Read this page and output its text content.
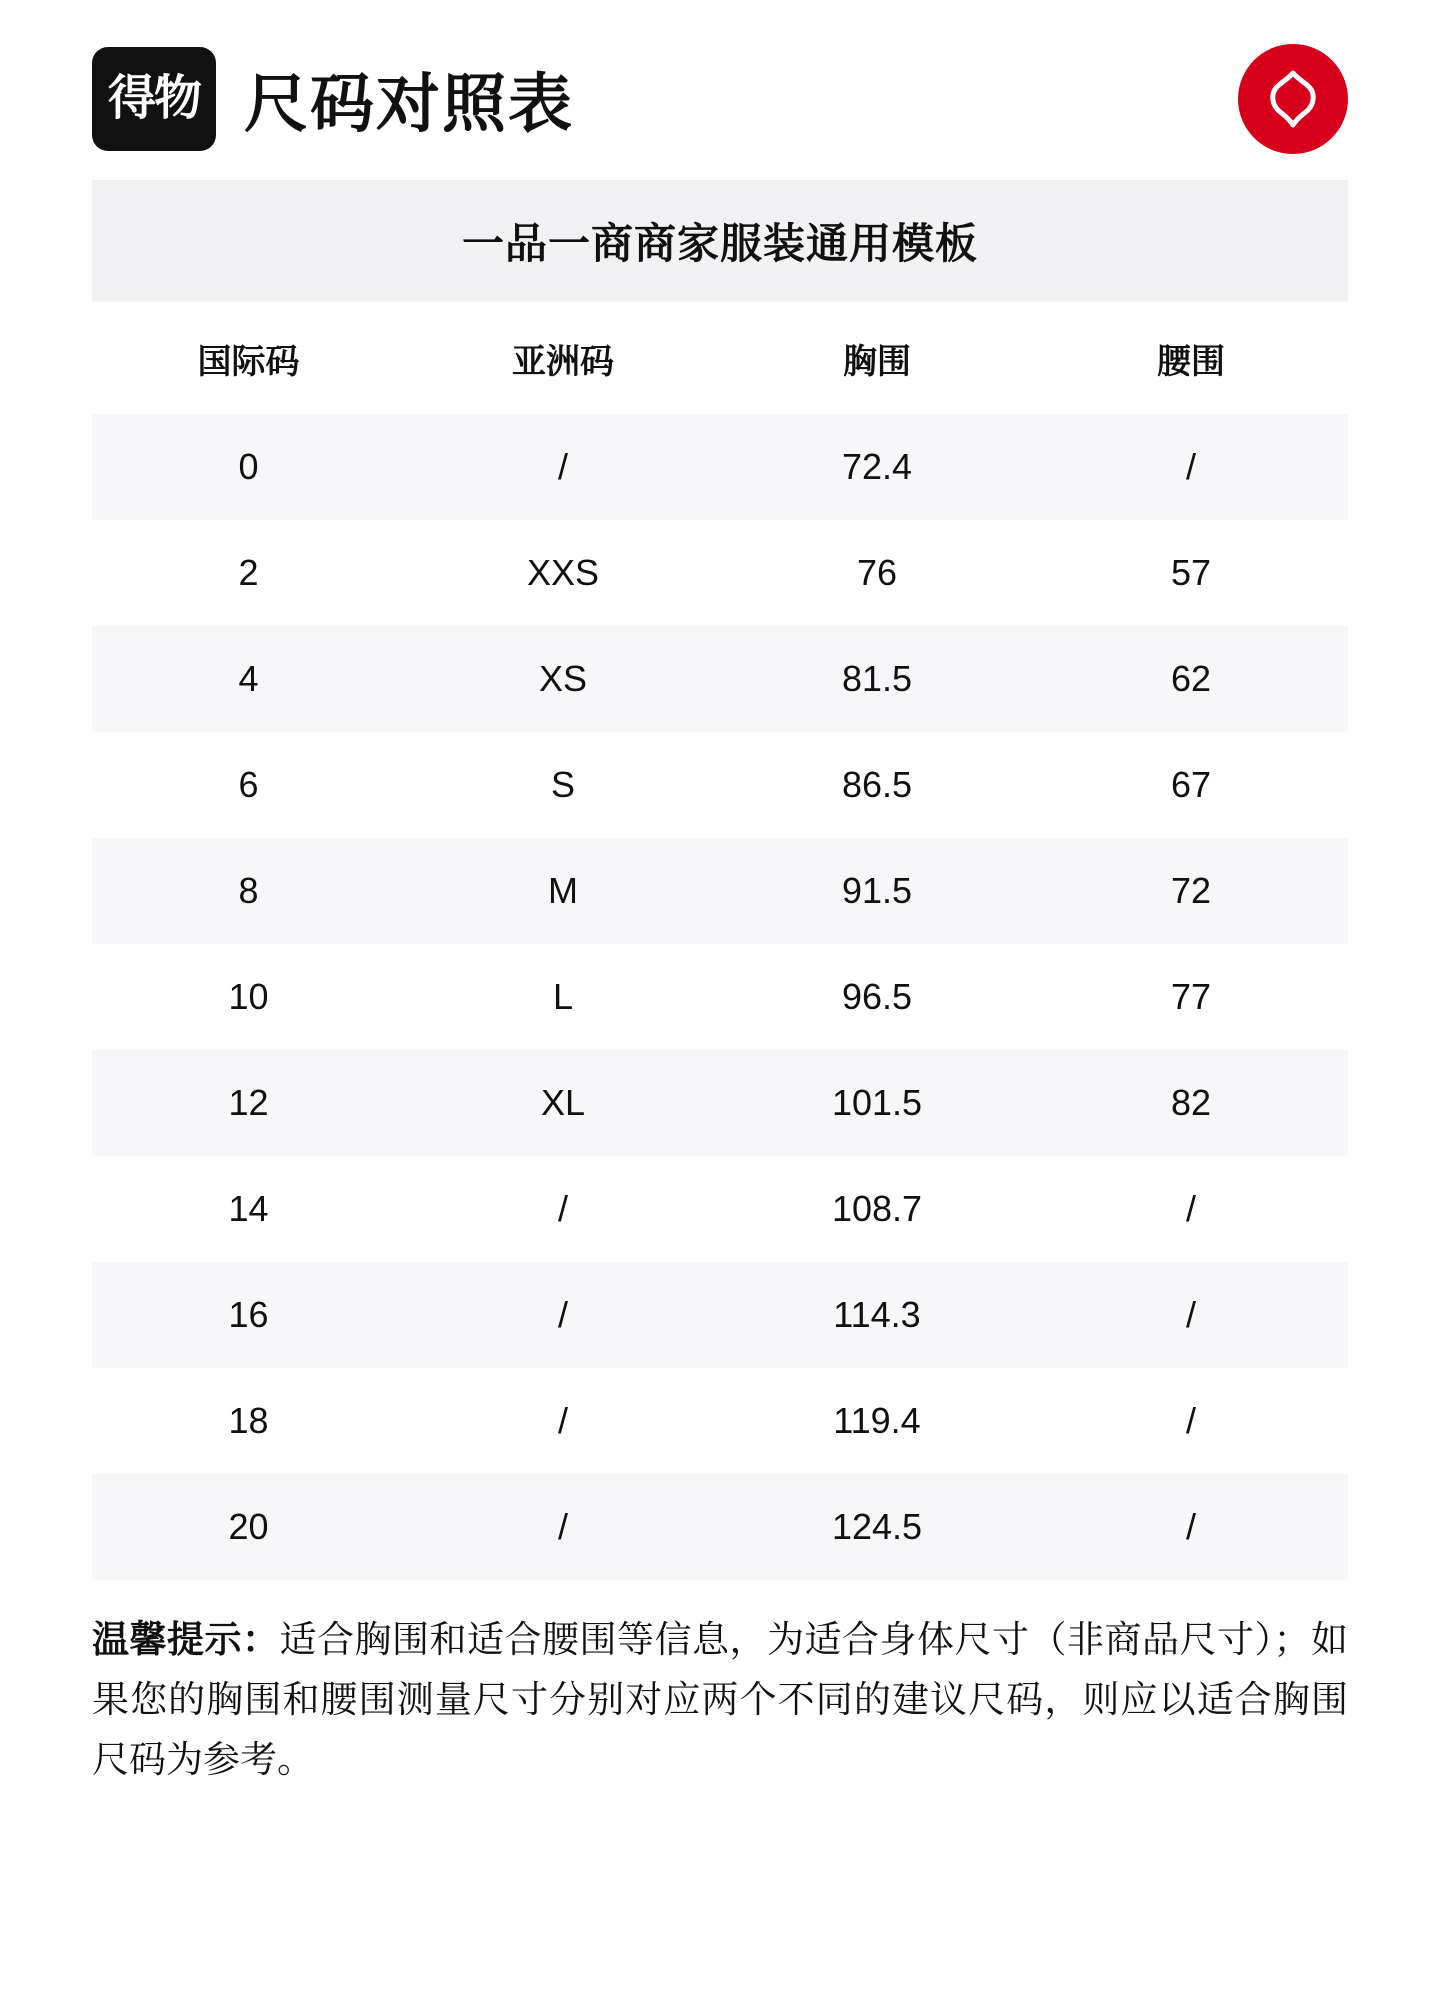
得物 尺码对照表
一品一商商家服装通用模板
国际码	亚洲码	胸围	腰围
0	/	72.4	/
2	XXS	76	57
4	XS	81.5	62
6	S	86.5	67
8	M	91.5	72
10	L	96.5	77
12	XL	101.5	82
14	/	108.7	/
16	/	114.3	/
18	/	119.4	/
20	/	124.5	/
温馨提示：适合胸围和适合腰围等信息，为适合身体尺寸（非商品尺寸）；如果您的胸围和腰围测量尺寸分别对应两个不同的建议尺码，则应以适合胸围尺码为参考。
